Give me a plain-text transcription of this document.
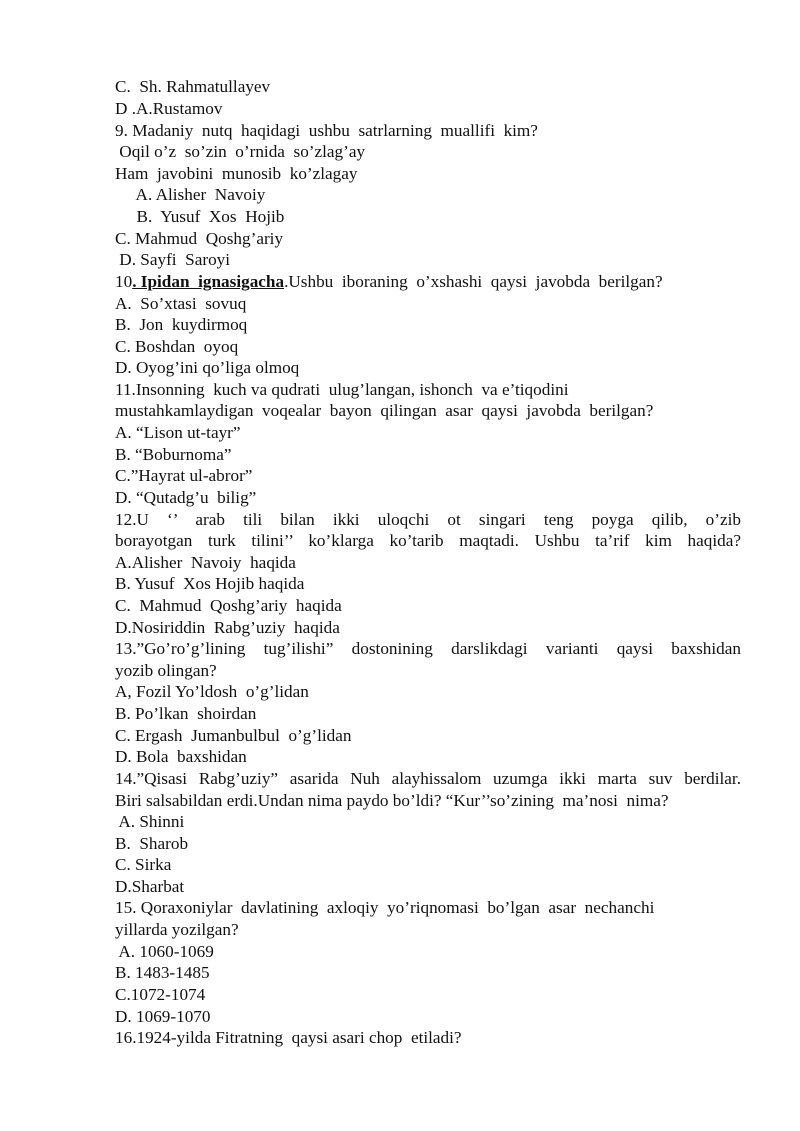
C.  Sh. Rahmatullayev
D .A.Rustamov
9. Madaniy  nutq  haqidagi  ushbu  satrlarning  muallifi  kim?
Oqil o’z  so’zin  o’rnida  so’zlag’ay
Ham  javobini  munosib  ko’zlagay
A. Alisher  Navoiy
B.  Yusuf  Xos  Hojib
C. Mahmud  Qoshg’ariy
D. Sayfi  Saroyi
10. Ipidan  ignasigacha.Ushbu  iboraning  o’xshashi  qaysi  javobda  berilgan?
A.  So’xtasi  sovuq
B.  Jon  kuydirmoq
C. Boshdan  oyoq
D. Oyog’ini qo’liga olmoq
11.Insonning  kuch va qudrati  ulug’langan, ishonch  va e’tiqodini
mustahkamlaydigan  voqealar  bayon  qilingan  asar  qaysi  javobda  berilgan?
A. “Lison ut-tayr”
B. “Boburnoma”
C.”Hayrat ul-abror”
D. “Qutadg’u  bilig”
12.U ‘’ arab tili bilan ikki uloqchi ot singari teng poyga qilib, o’zib
borayotgan turk tilini’’ ko’klarga ko’tarib maqtadi. Ushbu ta’rif kim haqida?
A.Alisher  Navoiy  haqida
B. Yusuf  Xos Hojib haqida
C.  Mahmud  Qoshg’ariy  haqida
D.Nosiriddin  Rabg’uziy  haqida
13.”Go’ro’g’lining tug’ilishi” dostonining darslikdagi varianti qaysi baxshidan
yozib olingan?
A, Fozil Yo’ldosh  o’g’lidan
B. Po’lkan  shoirdan
C. Ergash  Jumanbulbul  o’g’lidan
D. Bola  baxshidan
14.”Qisasi Rabg’uziy” asarida Nuh alayhissalom uzumga ikki marta suv berdilar.
Biri salsabildan erdi.Undan nima paydo bo’ldi? “Kur’’so’zining  ma’nosi  nima?
A. Shinni
B.  Sharob
C. Sirka
D.Sharbat
15. Qoraxoniylar  davlatining  axloqiy  yo’riqnomasi  bo’lgan  asar  nechanchi
yillarda yozilgan?
A. 1060-1069
B. 1483-1485
C.1072-1074
D. 1069-1070
16.1924-yilda Fitratning  qaysi asari chop  etiladi?
